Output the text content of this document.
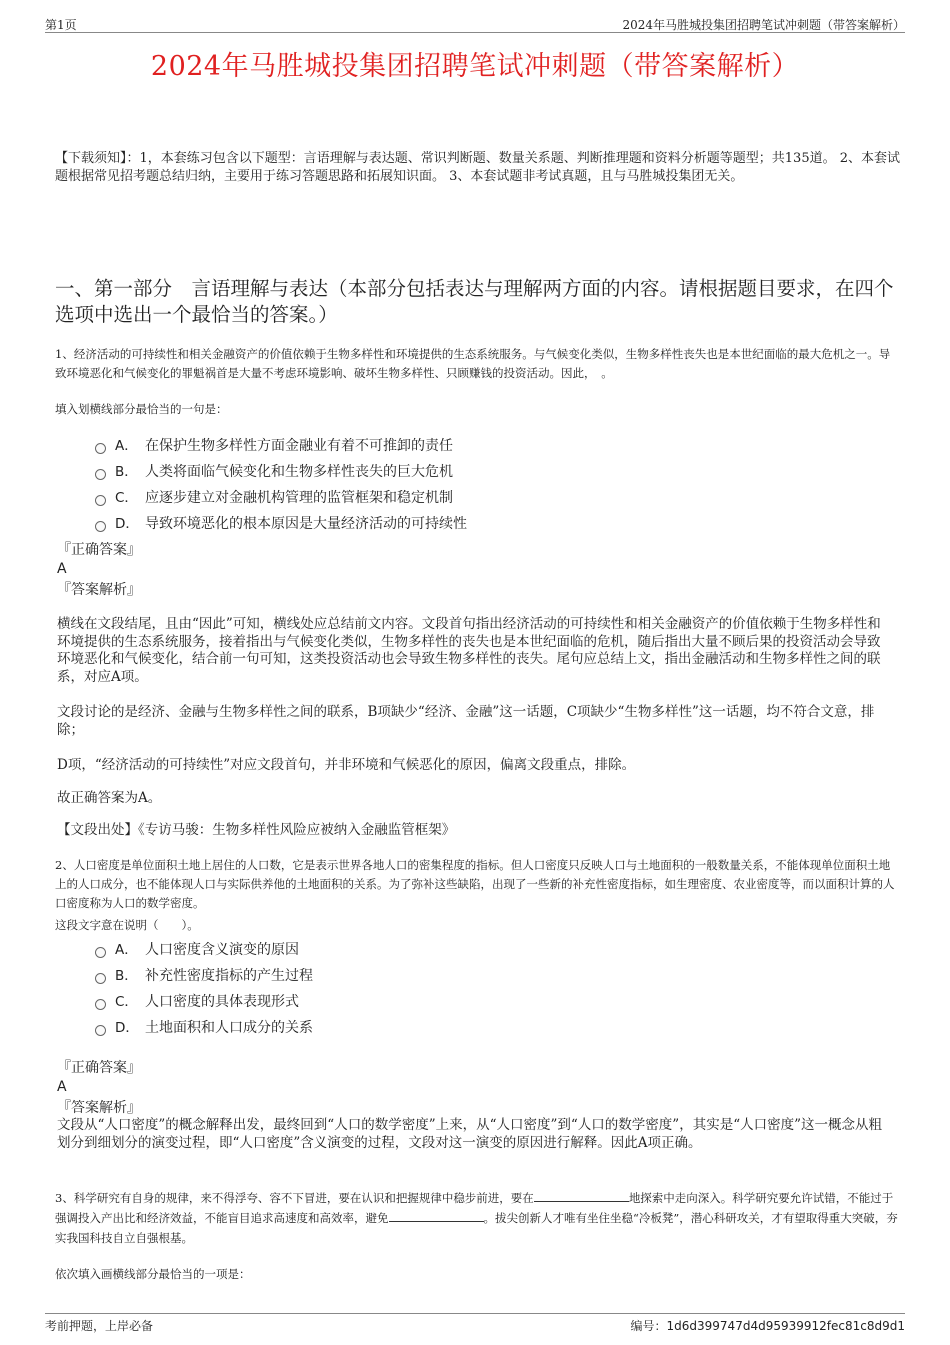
第1页	2024年马胜城投集团招聘笔试冲刺题（带答案解析）
2024年马胜城投集团招聘笔试冲刺题（带答案解析）
【下载须知】：1，本套练习包含以下题型：言语理解与表达题、常识判断题、数量关系题、判断推理题和资料分析题等题型；共135道。 2、本套试题根据常见招考题总结归纳，主要用于练习答题思路和拓展知识面。 3、本套试题非考试真题，且与马胜城投集团无关。
一、第一部分　言语理解与表达（本部分包括表达与理解两方面的内容。请根据题目要求，在四个选项中选出一个最恰当的答案。）
1、经济活动的可持续性和相关金融资产的价值依赖于生物多样性和环境提供的生态系统服务。与气候变化类似，生物多样性丧失也是本世纪面临的最大危机之一。导致环境恶化和气候变化的罪魁祸首是大量不考虑环境影响、破坏生物多样性、只顾赚钱的投资活动。因此，　。
填入划横线部分最恰当的一句是：
A． 在保护生物多样性方面金融业有着不可推卸的责任
B． 人类将面临气候变化和生物多样性丧失的巨大危机
C． 应逐步建立对金融机构管理的监管框架和稳定机制
D． 导致环境恶化的根本原因是大量经济活动的可持续性
『正确答案』
A
『答案解析』
横线在文段结尾，且由“因此”可知，横线处应总结前文内容。文段首句指出经济活动的可持续性和相关金融资产的价值依赖于生物多样性和环境提供的生态系统服务，接着指出与气候变化类似，生物多样性的丧失也是本世纪面临的危机，随后指出大量不顾后果的投资活动会导致环境恶化和气候变化，结合前一句可知，这类投资活动也会导致生物多样性的丧失。尾句应总结上文，指出金融活动和生物多样性之间的联系，对应A项。
文段讨论的是经济、金融与生物多样性之间的联系，B项缺少“经济、金融”这一话题，C项缺少“生物多样性”这一话题，均不符合文意，排除；
D项，“经济活动的可持续性”对应文段首句，并非环境和气候恶化的原因，偏离文段重点，排除。
故正确答案为A。
【文段出处】《专访马骏：生物多样性风险应被纳入金融监管框架》
2、人口密度是单位面积土地上居住的人口数，它是表示世界各地人口的密集程度的指标。但人口密度只反映人口与土地面积的一般数量关系，不能体现单位面积土地上的人口成分，也不能体现人口与实际供养他的土地面积的关系。为了弥补这些缺陷，出现了一些新的补充性密度指标，如生理密度、农业密度等，而以面积计算的人口密度称为人口的数学密度。
这段文字意在说明（　　）。
A． 人口密度含义演变的原因
B． 补充性密度指标的产生过程
C． 人口密度的具体表现形式
D． 土地面积和人口成分的关系
『正确答案』
A
『答案解析』
文段从“人口密度”的概念解释出发，最终回到“人口的数学密度”上来，从“人口密度”到“人口的数学密度”，其实是“人口密度”这一概念从粗划分到细划分的演变过程，即“人口密度”含义演变的过程，文段对这一演变的原因进行解释。因此A项正确。
3、科学研究有自身的规律，来不得浮夸、容不下冒进，要在认识和把握规律中稳步前进，要在	地探索中走向深入。科学研究要允许试错，不能过于强调投入产出比和经济效益，不能盲目追求高速度和高效率，避免	。拔尖创新人才唯有坐住坐稳“冷板凳”，潜心科研攻关，才有望取得重大突破，夯实我国科技自立自强根基。
依次填入画横线部分最恰当的一项是：
考前押题，上岸必备	编号：1d6d399747d4d95939912fec81c8d9d1
